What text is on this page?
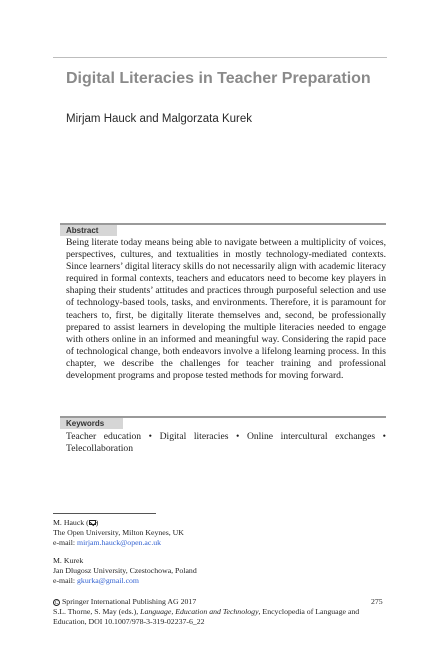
Digital Literacies in Teacher Preparation
Mirjam Hauck and Malgorzata Kurek
Abstract
Being literate today means being able to navigate between a multiplicity of voices, perspectives, cultures, and textualities in mostly technology-mediated contexts. Since learners’ digital literacy skills do not necessarily align with academic literacy required in formal contexts, teachers and educators need to become key players in shaping their students’ attitudes and practices through purposeful selection and use of technology-based tools, tasks, and environments. Therefore, it is paramount for teachers to, first, be digitally literate themselves and, second, be professionally prepared to assist learners in developing the multiple literacies needed to engage with others online in an informed and meaningful way. Considering the rapid pace of technological change, both endeavors involve a lifelong learning process. In this chapter, we describe the challenges for teacher training and professional development programs and propose tested methods for moving forward.
Keywords
Teacher education • Digital literacies • Online intercultural exchanges • Telecollaboration
M. Hauck ( )
The Open University, Milton Keynes, UK
e-mail: mirjam.hauck@open.ac.uk
M. Kurek
Jan Dlugosz University, Czestochowa, Poland
e-mail: gkurka@gmail.com
C Springer International Publishing AG 2017
S.L. Thorne, S. May (eds.), Language, Education and Technology, Encyclopedia of Language and Education, DOI 10.1007/978-3-319-02237-6_22
275
